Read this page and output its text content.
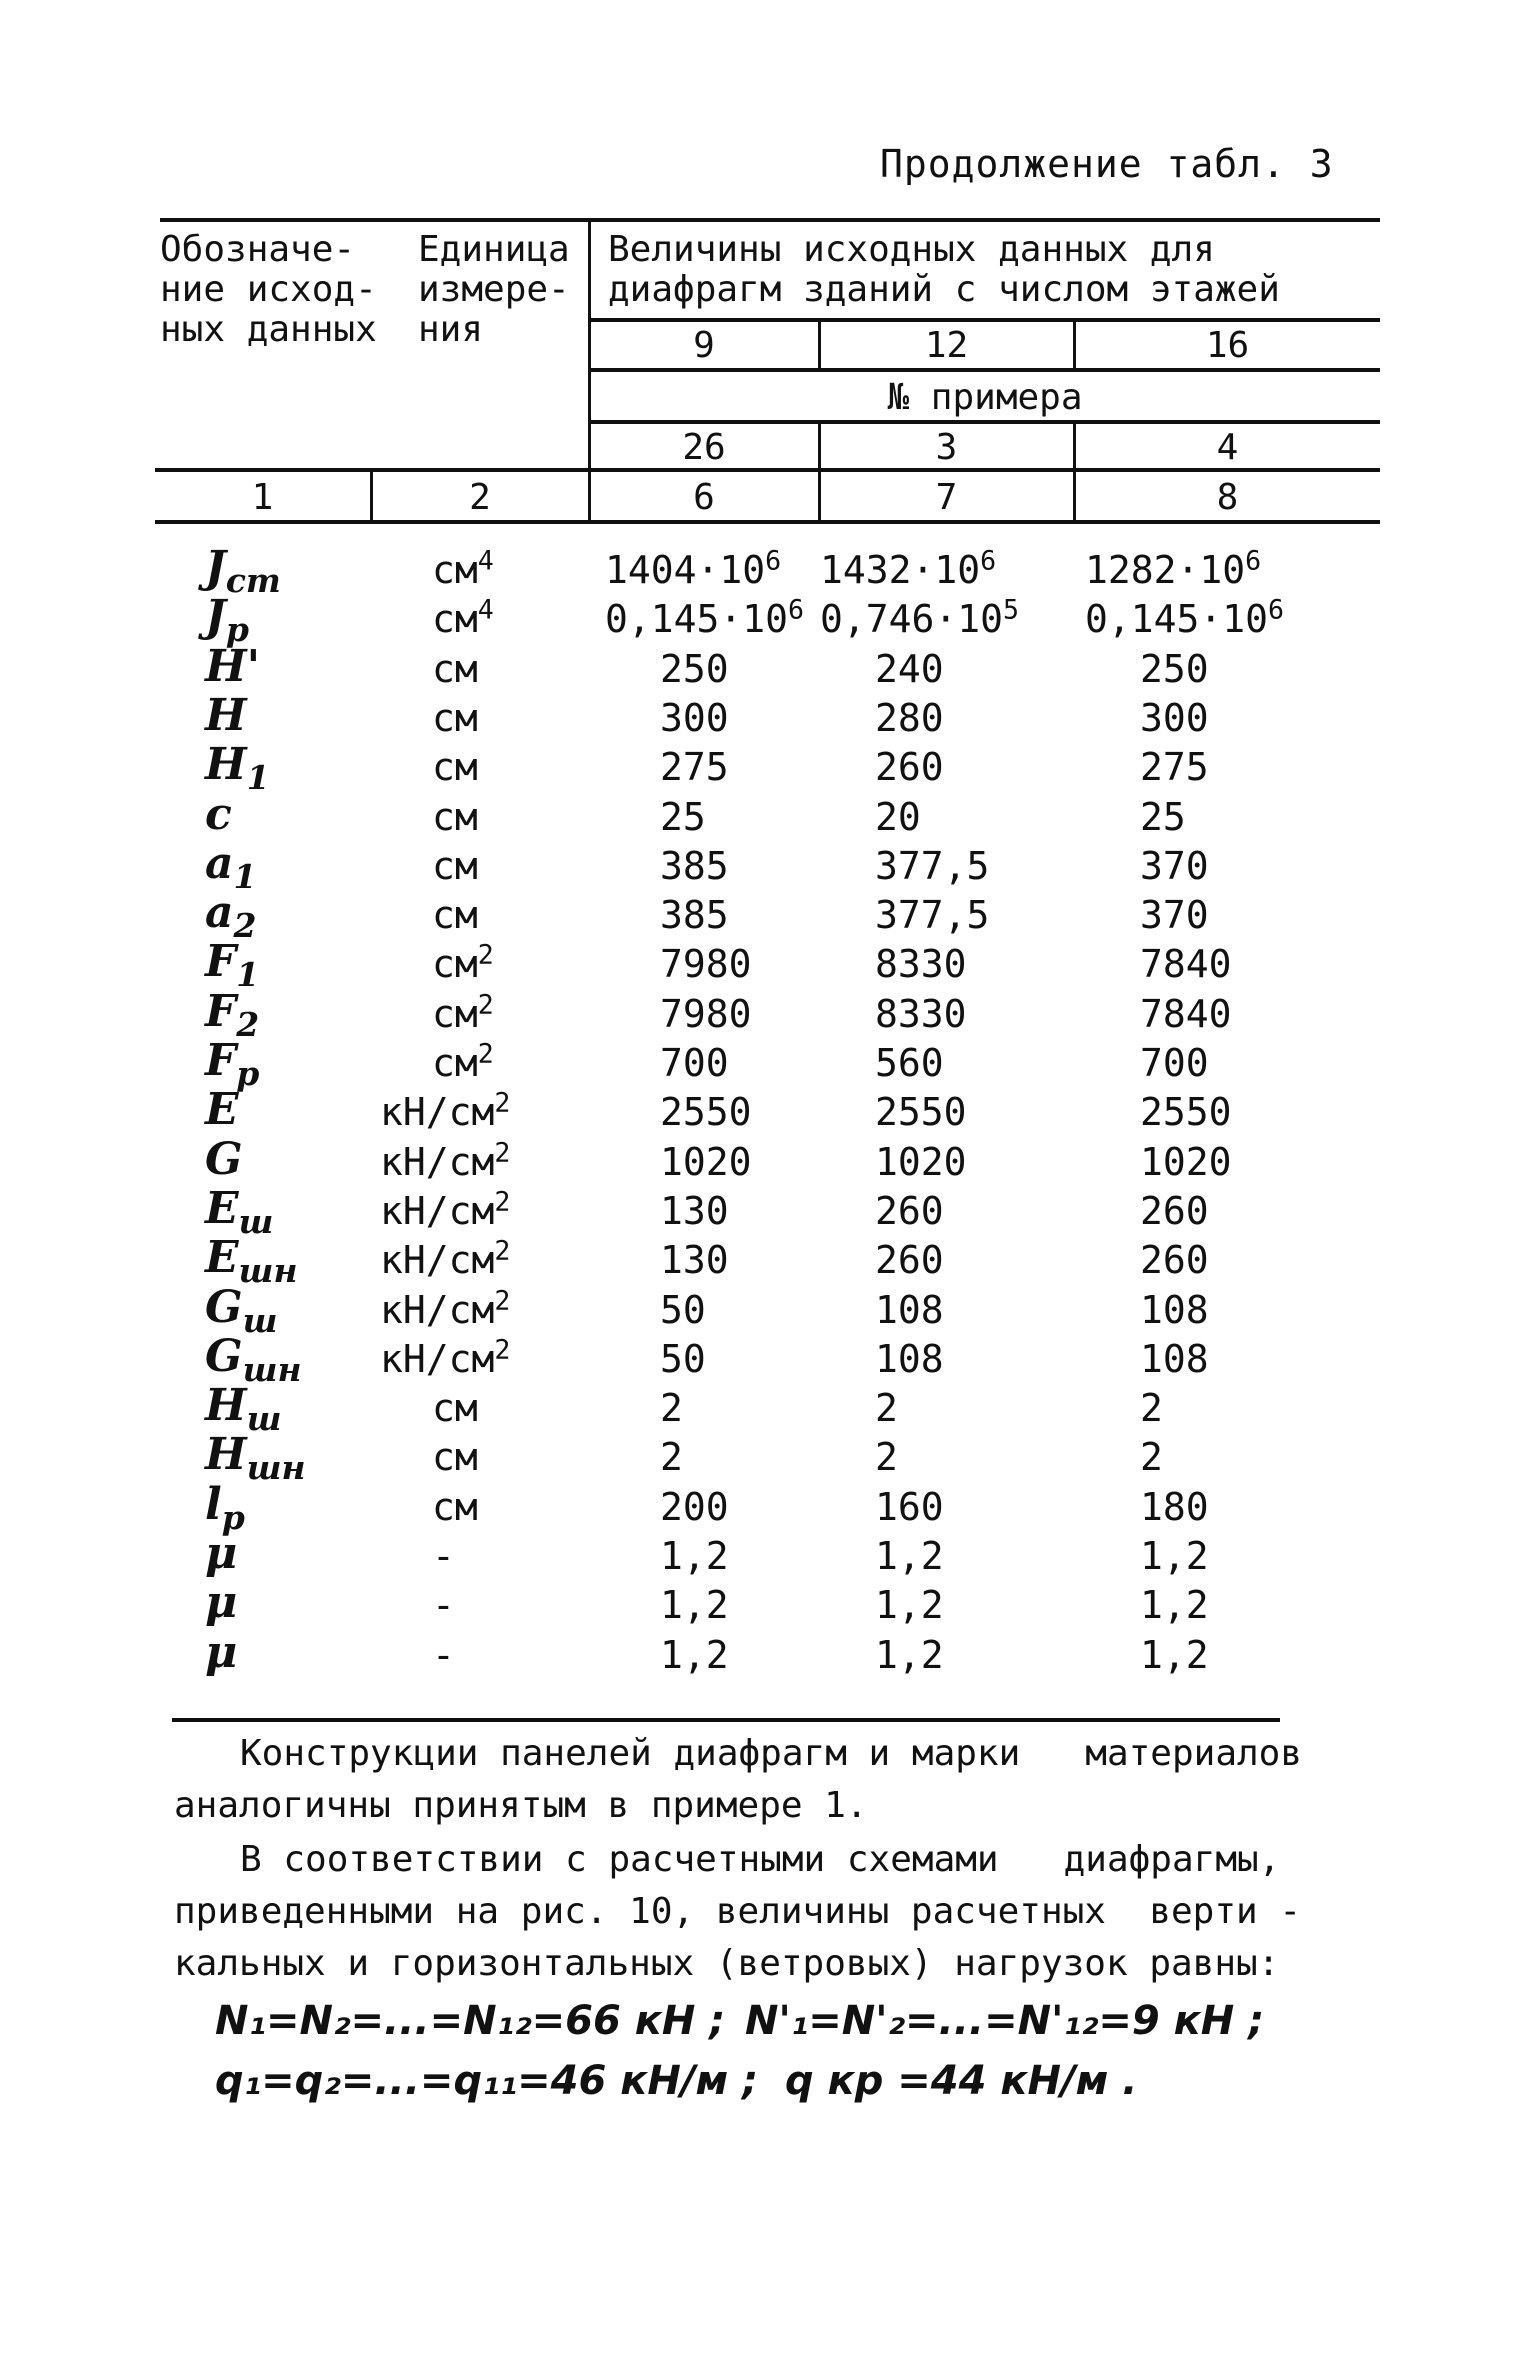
Продолжение табл. 3
Обозначе-
ние исход-
ных данных
Единица
измере-
ния
Величины исходных данных для
диафрагм зданий с числом этажей
9	12	16
№ примера
26	3	4
1	2	6	7	8
$J_{ст}$	$см^4$	$1404\cdot 10^6$ $1432\cdot 10^6$ $1282\cdot 10^6$
$J_р$	$см^4$	$0,145\cdot 10^6$ $0,746\cdot 10^5$ $0,145\cdot 10^6$
H'	см	250	240	250
H	см	300	280	300
$H_1$	см	275	260	275
c	см	25	20	25
$a_1$	см	385	377,5	370
$a_2$	см	385	377,5	370
$F_1$	$см^2$	7980	8330	7840
$F_2$	$см^2$	7980	8330	7840
$F_р$	$см^2$	700	560	700
E	$кН/см^2$	2550	2550	2550
G	$кН/см^2$	1020	1020	1020
$E_ш$	$кН/см^2$	130	260	260
$E_{шн}$ $кН/см^2$	130	260	260
$G_ш$	$кН/см^2$	50	108	108
$G_{шн}$ $кН/см^2$	50	108	108
$H_ш$	см	2	2	2
$H_{шн}$	см	2	2	2
$l_р$	см	200	160	180
μ	-	1,2	1,2	1,2
μ	-	1,2	1,2	1,2
μ	-	1,2	1,2	1,2
Конструкции панелей диафрагм и марки   материалов
аналогичны принятым в примере 1.
В соответствии с расчетными схемами   диафрагмы,
приведенными на рис. 10, величины расчетных  верти -
кальных и горизонтальных (ветровых) нагрузок равны:
N₁=N₂=...=N₁₂=66 кН ; N'₁=N'₂=...=N'₁₂=9 кН ;
q₁=q₂=...=q₁₁=46 кН/м ; q кр =44 кН/м .
